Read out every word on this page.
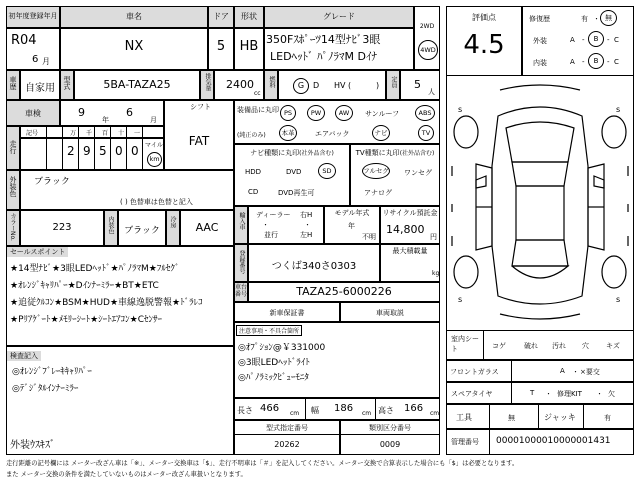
初年度登録年月
R04
6 月
車名
NX
ドア
5
形状
HB
グレード
350Fｽﾎﾟｰﾂ14型ﾅﾋﾞ3眼
LEDﾍｯﾄﾞ ﾊﾟﾉﾗﾏM Dｲﾅ
2WD
4WD
車歴 自家用	型式	5BA-TAZA25	排気量 2400
cc
燃料	G D HV (	) 定員 5
人
車検	9
年
6
月
シフト
FAT
走行
記号	万 千 百 十 一
2 9 5 0 0 マイル
km
外装色 ブラック
( ) 色替車は色替と記入
カラーNo.	223	内装色	ブラック
冷房	AAC
セールスポイント
★14型ﾅﾋﾞ★3眼LEDﾍｯﾄﾞ★ﾊﾟﾉﾗﾏM★ﾌﾙｾｸﾞ
★ｵﾚﾝｼﾞｷｬﾘﾊﾟｰ★Dｲﾝﾅｰﾐﾗｰ★BT★ETC
★追従ｸﾙｺﾝ★BSM★HUD★車線逸脱警報★ﾄﾞﾗﾚｺ
★Pﾘｱｹﾞｰﾄ★ﾒﾓﾘｰｼｰﾄ★ｼｰﾄｴｱｺﾝ★Cｾﾝｻｰ
検査記入
◎ｵﾚﾝｼﾞﾌﾞﾚｰｷｷｬﾘﾊﾟｰ
◎ﾃﾞｼﾞﾀﾙｲﾝﾅｰﾐﾗｰ
外装ｳｽｷｽﾞ
装備品に丸印
(純正のみ)
PS	PW	AW サンルーフ	ABS
本革	エアバック	ナビ	TV
ナビ種類に丸印(社外品含む)
HDD	DVD	SD
CD	DVD再生可
TV種類に丸印(社外品含む)
フルセグ ワンセグ
アナログ
輸入車 ディーラー
・
並行
右H
・
左H
モデル年式
年
不明
リサイクル預託金
14,800
円
登録番号	つくば340さ0303
最大積載量
kg
車台番号	TAZA25-6000226
新車保証書	車両取説
注意事項・不具合箇所
◎ｵﾌﾟｼｮﾝ@￥331000
◎3眼LEDﾍｯﾄﾞﾗｲﾄ
◎ﾊﾟﾉﾗﾐｯｸﾋﾞｭｰﾓﾆﾀ
長さ 466 cm 幅 186 cm 高さ 166 cm
型式指定番号
20262
類別区分番号
0009
評価点
4.5
修復歴	有 ・ 無
外装	A - B - C
内装	A - B - C
s	s
s	s
室内シート	コゲ	破れ 汚れ 穴 キズ
フロントガラス	A ・ ×要交
スペアタイヤ	T ・ 修理KIT ・ 欠
工具	無	ジャッキ	有
管理番号 00001000010000001431
走行距離の記号欄には メーター改ざん車は「※」、メーター交換車は「$」、走行不明車は「＃」を記入してください。メーター交換で合算表示した場合にも「$」は必要となります。
また メーター交換の条件を満たしていないものはメーター改ざん車扱いとなります。
